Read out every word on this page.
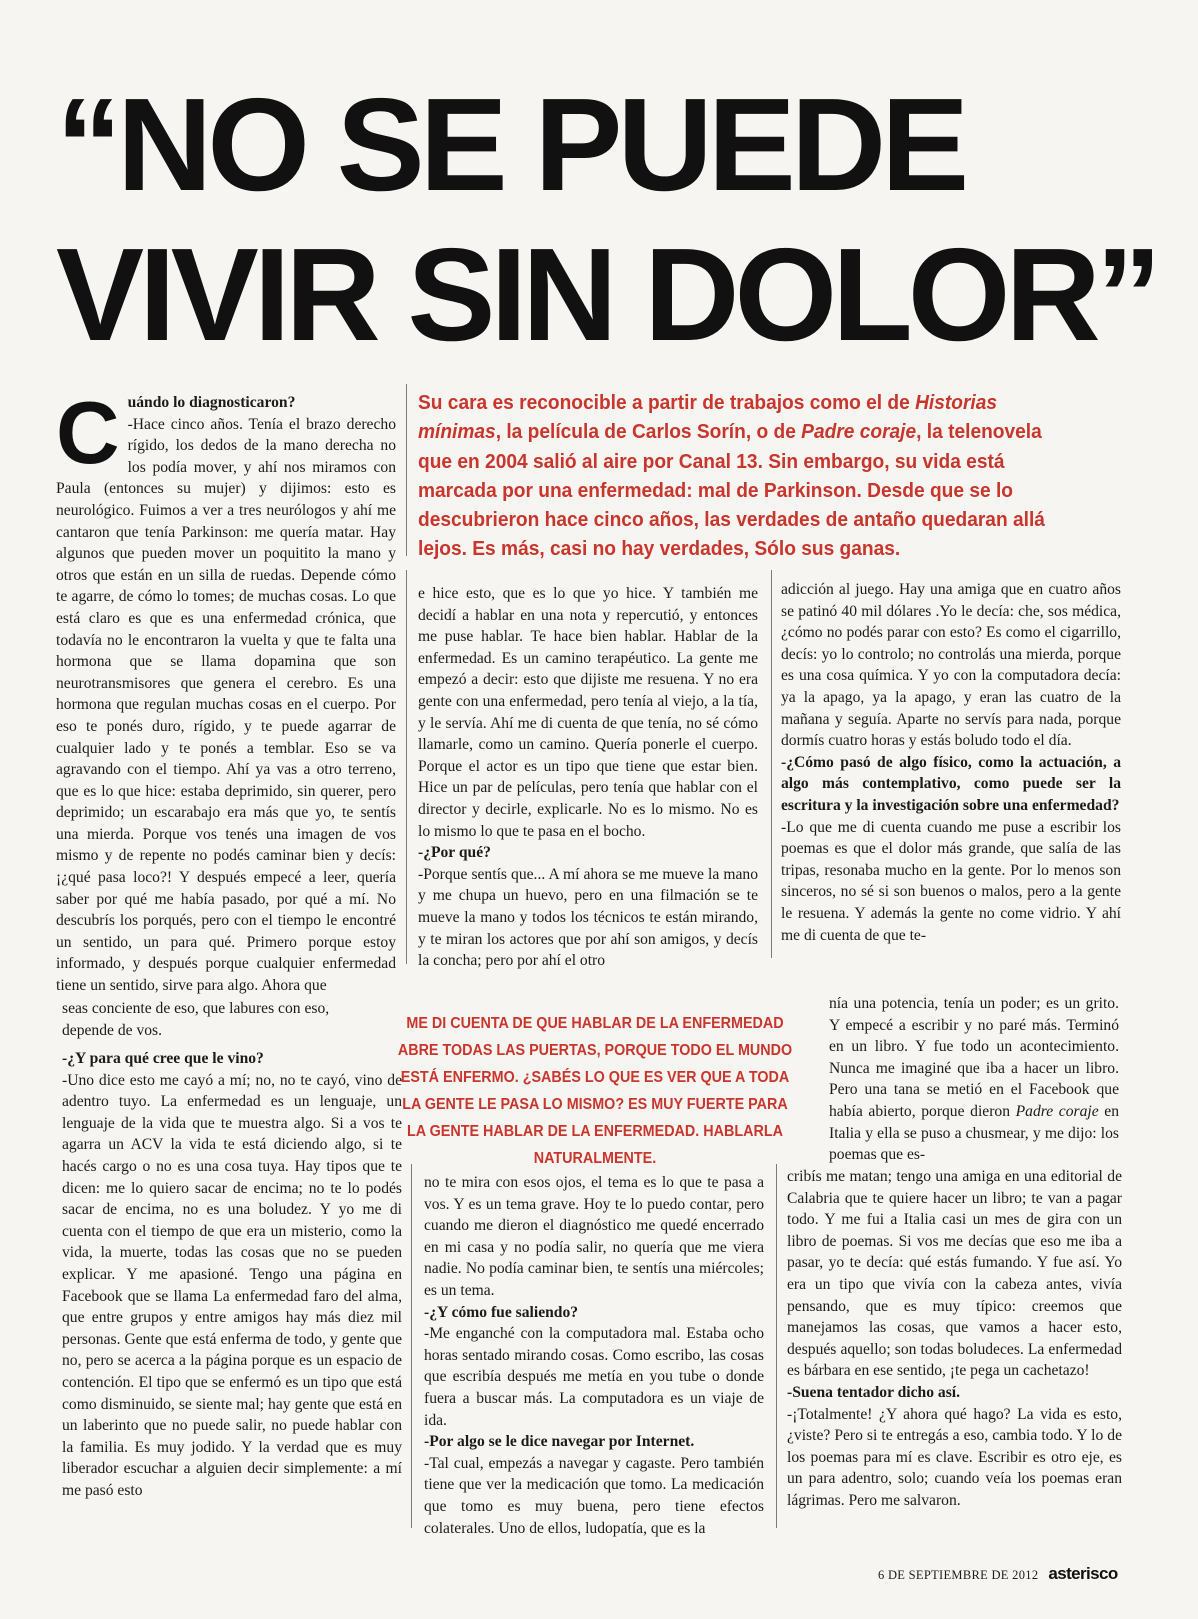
“NO SE PUEDE
VIVIR SIN DOLOR”

Su cara es reconocible a partir de trabajos como el de Historias mínimas, la película de Carlos Sorín, o de Padre coraje, la telenovela que en 2004 salió al aire por Canal 13. Sin embargo, su vida está marcada por una enfermedad: mal de Parkinson. Desde que se lo descubrieron hace cinco años, las verdades de antaño quedaran allá lejos. Es más, casi no hay verdades, Sólo sus ganas.

C uándo lo diagnosticaron?

-Hace cinco años. Tenía el brazo derecho rígido, los dedos de la mano derecha no los podía mover, y ahí nos miramos con Paula (entonces su mujer) y dijimos: esto es neurológico. Fuimos a ver a tres neurólogos y ahí me cantaron que tenía Parkinson: me quería matar. Hay algunos que pueden mover un poquitito la mano y otros que están en un silla de ruedas. Depende cómo te agarre, de cómo lo tomes; de muchas cosas. Lo que está claro es que es una enfermedad crónica, que todavía no le encontraron la vuelta y que te falta una hormona que se llama dopamina que son neurotransmisores que genera el cerebro. Es una hormona que regulan muchas cosas en el cuerpo. Por eso te ponés duro, rígido, y te puede agarrar de cualquier lado y te ponés a temblar. Eso se va agravando con el tiempo. Ahí ya vas a otro terreno, que es lo que hice: estaba deprimido, sin querer, pero deprimido; un escarabajo era más que yo, te sentís una mierda. Porque vos tenés una imagen de vos mismo y de repente no podés caminar bien y decís: ¡¿qué pasa loco?! Y después empecé a leer, quería saber por qué me había pasado, por qué a mí. No descubrís los porqués, pero con el tiempo le encontré un sentido, un para qué. Primero porque estoy informado, y después porque cualquier enfermedad tiene un sentido, sirve para algo. Ahora que

seas conciente de eso, que labures con eso, depende de vos.

-¿Y para qué cree que le vino?

-Uno dice esto me cayó a mí; no, no te cayó, vino de adentro tuyo. La enfermedad es un lenguaje, un lenguaje de la vida que te muestra algo. Si a vos te agarra un ACV la vida te está diciendo algo, si te hacés cargo o no es una cosa tuya. Hay tipos que te dicen: me lo quiero sacar de encima; no te lo podés sacar de encima, no es una boludez. Y yo me di cuenta con el tiempo de que era un misterio, como la vida, la muerte, todas las cosas que no se pueden explicar. Y me apasioné. Tengo una página en Facebook que se llama La enfermedad faro del alma, que entre grupos y entre amigos hay más diez mil personas. Gente que está enferma de todo, y gente que no, pero se acerca a la página porque es un espacio de contención. El tipo que se enfermó es un tipo que está como disminuido, se siente mal; hay gente que está en un laberinto que no puede salir, no puede hablar con la familia. Es muy jodido. Y la verdad que es muy liberador escuchar a alguien decir simplemente: a mí me pasó esto

e hice esto, que es lo que yo hice. Y también me decidí a hablar en una nota y repercutió, y entonces me puse hablar. Te hace bien hablar. Hablar de la enfermedad. Es un camino terapéutico. La gente me empezó a decir: esto que dijiste me resuena. Y no era gente con una enfermedad, pero tenía al viejo, a la tía, y le servía. Ahí me di cuenta de que tenía, no sé cómo llamarle, como un camino. Quería ponerle el cuerpo. Porque el actor es un tipo que tiene que estar bien. Hice un par de películas, pero tenía que hablar con el director y decirle, explicarle. No es lo mismo. No es lo mismo lo que te pasa en el bocho.

-¿Por qué?

-Porque sentís que... A mí ahora se me mueve la mano y me chupa un huevo, pero en una filmación se te mueve la mano y todos los técnicos te están mirando, y te miran los actores que por ahí son amigos, y decís la concha; pero por ahí el otro

no te mira con esos ojos, el tema es lo que te pasa a vos. Y es un tema grave. Hoy te lo puedo contar, pero cuando me dieron el diagnóstico me quedé encerrado en mi casa y no podía salir, no quería que me viera nadie. No podía caminar bien, te sentís una miércoles; es un tema.

-¿Y cómo fue saliendo?

-Me enganché con la computadora mal. Estaba ocho horas sentado mirando cosas. Como escribo, las cosas que escribía después me metía en you tube o donde fuera a buscar más. La computadora es un viaje de ida.

-Por algo se le dice navegar por Internet.

-Tal cual, empezás a navegar y cagaste. Pero también tiene que ver la medicación que tomo. La medicación que tomo es muy buena, pero tiene efectos colaterales. Uno de ellos, ludopatía, que es la

adicción al juego. Hay una amiga que en cuatro años se patinó 40 mil dólares .Yo le decía: che, sos médica, ¿cómo no podés parar con esto? Es como el cigarrillo, decís: yo lo controlo; no controlás una mierda, porque es una cosa química. Y yo con la computadora decía: ya la apago, ya la apago, y eran las cuatro de la mañana y seguía. Aparte no servís para nada, porque dormís cuatro horas y estás boludo todo el día.

-¿Cómo pasó de algo físico, como la actuación, a algo más contemplativo, como puede ser la escritura y la investigación sobre una enfermedad?

-Lo que me di cuenta cuando me puse a escribir los poemas es que el dolor más grande, que salía de las tripas, resonaba mucho en la gente. Por lo menos son sinceros, no sé si son buenos o malos, pero a la gente le resuena. Y además la gente no come vidrio. Y ahí me di cuenta de que te-

nía una potencia, tenía un poder; es un grito. Y empecé a escribir y no paré más. Terminó en un libro. Y fue todo un acontecimiento. Nunca me imaginé que iba a hacer un libro. Pero una tana se metió en el Facebook que había abierto, porque dieron Padre coraje en Italia y ella se puso a chusmear, y me dijo: los poemas que es-

cribís me matan; tengo una amiga en una editorial de Calabria que te quiere hacer un libro; te van a pagar todo. Y me fui a Italia casi un mes de gira con un libro de poemas. Si vos me decías que eso me iba a pasar, yo te decía: qué estás fumando. Y fue así. Yo era un tipo que vivía con la cabeza antes, vivía pensando, que es muy típico: creemos que manejamos las cosas, que vamos a hacer esto, después aquello; son todas boludeces. La enfermedad es bárbara en ese sentido, ¡te pega un cachetazo!

-Suena tentador dicho así.

-¡Totalmente! ¿Y ahora qué hago? La vida es esto, ¿viste? Pero si te entregás a eso, cambia todo. Y lo de los poemas para mí es clave. Escribir es otro eje, es un para adentro, solo; cuando veía los poemas eran lágrimas. Pero me salvaron.

ME DI CUENTA DE QUE HABLAR DE LA ENFERMEDAD ABRE TODAS LAS PUERTAS, PORQUE TODO EL MUNDO ESTÁ ENFERMO. ¿SABÉS LO QUE ES VER QUE A TODA LA GENTE LE PASA LO MISMO? ES MUY FUERTE PARA LA GENTE HABLAR DE LA ENFERMEDAD. HABLARLA NATURALMENTE.

6 DE SEPTIEMBRE DE 2012 asterisco
